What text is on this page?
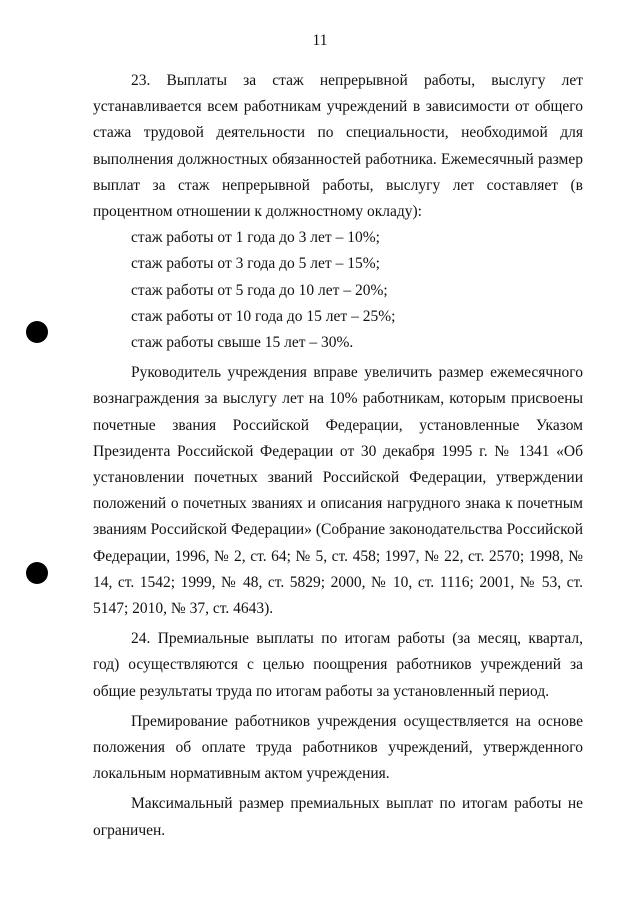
11

23. Выплаты за стаж непрерывной работы, выслугу лет устанавливается всем работникам учреждений в зависимости от общего стажа трудовой деятельности по специальности, необходимой для выполнения должностных обязанностей работника. Ежемесячный размер выплат за стаж непрерывной работы, выслугу лет составляет (в процентном отношении к должностному окладу):

стаж работы от 1 года до 3 лет – 10%;

стаж работы от 3 года до 5 лет – 15%;

стаж работы от 5 года до 10 лет – 20%;

стаж работы от 10 года до 15 лет – 25%;

стаж работы свыше 15 лет – 30%.

Руководитель учреждения вправе увеличить размер ежемесячного вознаграждения за выслугу лет на 10% работникам, которым присвоены почетные звания Российской Федерации, установленные Указом Президента Российской Федерации от 30 декабря 1995 г. № 1341 «Об установлении почетных званий Российской Федерации, утверждении положений о почетных званиях и описания нагрудного знака к почетным званиям Российской Федерации» (Собрание законодательства Российской Федерации, 1996, № 2, ст. 64; № 5, ст. 458; 1997, № 22, ст. 2570; 1998, № 14, ст. 1542; 1999, № 48, ст. 5829; 2000, № 10, ст. 1116; 2001, № 53, ст. 5147; 2010, № 37, ст. 4643).

24. Премиальные выплаты по итогам работы (за месяц, квартал, год) осуществляются с целью поощрения работников учреждений за общие результаты труда по итогам работы за установленный период.

Премирование работников учреждения осуществляется на основе положения об оплате труда работников учреждений, утвержденного локальным нормативным актом учреждения.

Максимальный размер премиальных выплат по итогам работы не ограничен.
